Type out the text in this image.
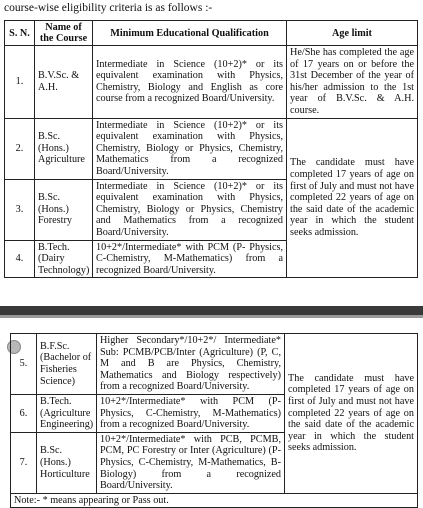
course-wise eligibility criteria is as follows :-
S. N.	Name of the Course	Minimum Educational Qualification	Age limit
1.	B.V.Sc. & A.H.	Intermediate in Science (10+2)* or its equivalent examination with Physics, Chemistry, Biology and English as core course from a recognized Board/University.	He/She has completed the age of 17 years on or before the 31st December of the year of his/her admission to the 1st year of B.V.Sc. & A.H. course.
2.	B.Sc. (Hons.) Agriculture	Intermediate in Science (10+2)* or its equivalent examination with Physics, Chemistry, Biology or Physics, Chemistry, Mathematics from a recognized Board/University.	The candidate must have completed 17 years of age on first of July and must not have completed 22 years of age on the said date of the academic year in which the student seeks admission.
3.	B.Sc. (Hons.) Forestry	Intermediate in Science (10+2)* or its equivalent examination with Physics, Chemistry, Biology or Physics, Chemistry and Mathematics from a recognized Board/University.	
4.	B.Tech. (Dairy Technology)	10+2*/Intermediate* with PCM (P- Physics, C-Chemistry, M-Mathematics) from a recognized Board/University.	
5.	B.F.Sc. (Bachelor of Fisheries Science)	Higher Secondary*/10+2*/ Intermediate* Sub: PCMB/PCB/Inter (Agriculture) (P, C, M and B are Physics, Chemistry, Mathematics and Biology respectively) from a recognized Board/University.	The candidate must have completed 17 years of age on first of July and must not have completed 22 years of age on the said date of the academic year in which the student seeks admission.
6.	B.Tech. (Agriculture Engineering)	10+2*/Intermediate* with PCM (P- Physics, C-Chemistry, M-Mathematics) from a recognized Board/University.	
7.	B.Sc. (Hons.) Horticulture	10+2*/Intermediate* with PCB, PCMB, PCM, PC Forestry or Inter (Agriculture) (P- Physics, C-Chemistry, M-Mathematics, B-Biology) from a recognized Board/University.	
Note:- * means appearing or Pass out.			
